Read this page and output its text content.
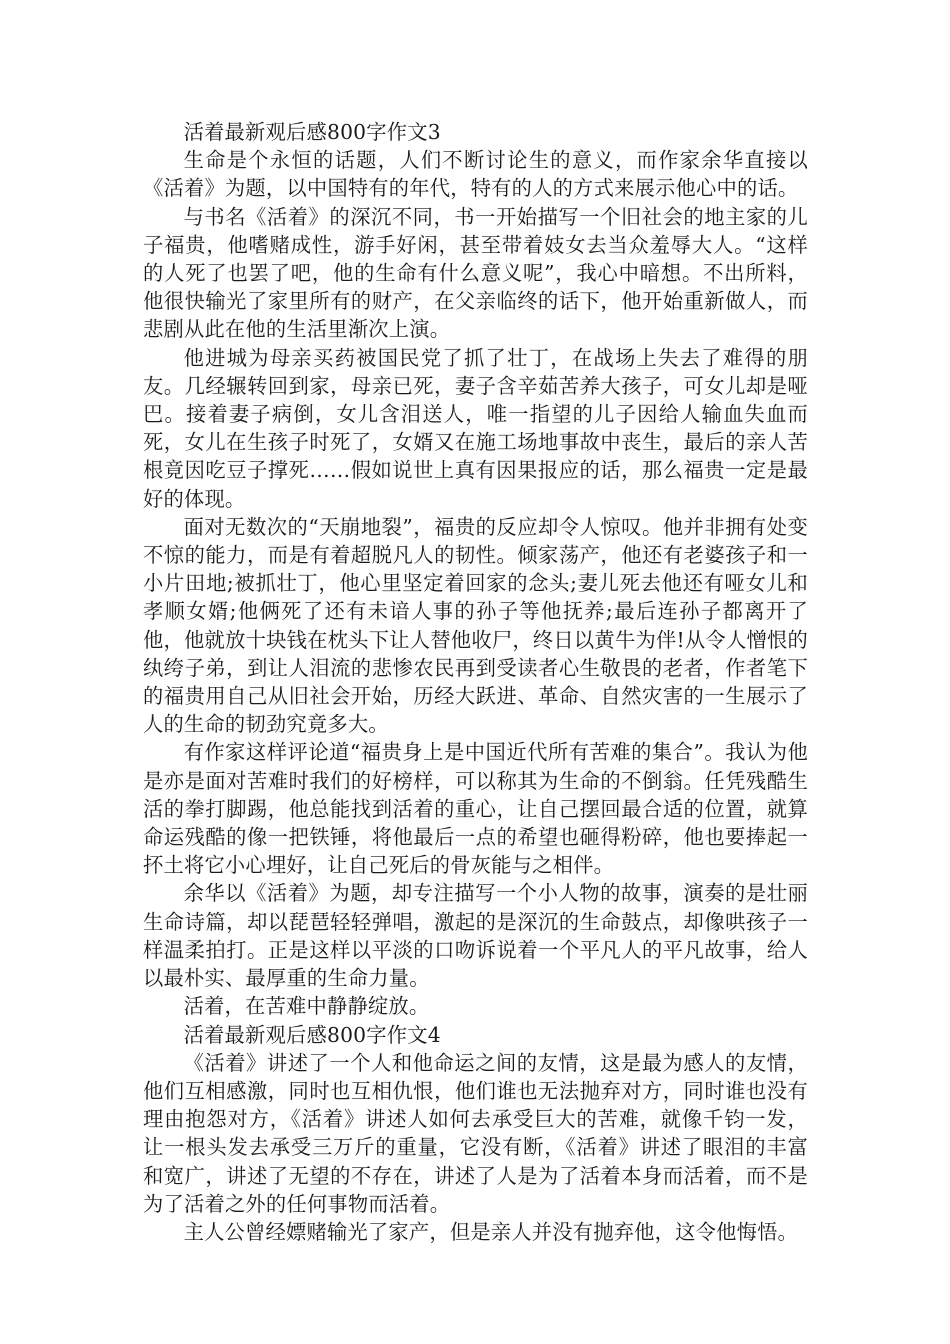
活着最新观后感800字作文3

生命是个永恒的话题，人们不断讨论生的意义，而作家余华直接以《活着》为题，以中国特有的年代，特有的人的方式来展示他心中的话。

与书名《活着》的深沉不同，书一开始描写一个旧社会的地主家的儿子福贵，他嗜赌成性，游手好闲，甚至带着妓女去当众羞辱大人。“这样的人死了也罢了吧，他的生命有什么意义呢”，我心中暗想。不出所料，他很快输光了家里所有的财产，在父亲临终的话下，他开始重新做人，而悲剧从此在他的生活里渐次上演。

他进城为母亲买药被国民党了抓了壮丁，在战场上失去了难得的朋友。几经辗转回到家，母亲已死，妻子含辛茹苦养大孩子，可女儿却是哑巴。接着妻子病倒，女儿含泪送人，唯一指望的儿子因给人输血失血而死，女儿在生孩子时死了，女婿又在施工场地事故中丧生，最后的亲人苦根竟因吃豆子撑死……假如说世上真有因果报应的话，那么福贵一定是最好的体现。

面对无数次的“天崩地裂”，福贵的反应却令人惊叹。他并非拥有处变不惊的能力，而是有着超脱凡人的韧性。倾家荡产，他还有老婆孩子和一小片田地;被抓壮丁，他心里坚定着回家的念头;妻儿死去他还有哑女儿和孝顺女婿;他俩死了还有未谙人事的孙子等他抚养;最后连孙子都离开了他，他就放十块钱在枕头下让人替他收尸，终日以黄牛为伴!从令人憎恨的纨绔子弟，到让人泪流的悲惨农民再到受读者心生敬畏的老者，作者笔下的福贵用自己从旧社会开始，历经大跃进、革命、自然灾害的一生展示了人的生命的韧劲究竟多大。

有作家这样评论道“福贵身上是中国近代所有苦难的集合”。我认为他是亦是面对苦难时我们的好榜样，可以称其为生命的不倒翁。任凭残酷生活的拳打脚踢，他总能找到活着的重心，让自己摆回最合适的位置，就算命运残酷的像一把铁锤，将他最后一点的希望也砸得粉碎，他也要捧起一抔土将它小心埋好，让自己死后的骨灰能与之相伴。

余华以《活着》为题，却专注描写一个小人物的故事，演奏的是壮丽生命诗篇，却以琵琶轻轻弹唱，激起的是深沉的生命鼓点，却像哄孩子一样温柔拍打。正是这样以平淡的口吻诉说着一个平凡人的平凡故事，给人以最朴实、最厚重的生命力量。

活着，在苦难中静静绽放。

活着最新观后感800字作文4

《活着》讲述了一个人和他命运之间的友情，这是最为感人的友情，他们互相感激，同时也互相仇恨，他们谁也无法抛弃对方，同时谁也没有理由抱怨对方，《活着》讲述人如何去承受巨大的苦难，就像千钧一发，让一根头发去承受三万斤的重量，它没有断，《活着》讲述了眼泪的丰富和宽广，讲述了无望的不存在，讲述了人是为了活着本身而活着，而不是为了活着之外的任何事物而活着。

主人公曾经嫖赌输光了家产，但是亲人并没有抛弃他，这令他悔悟。
